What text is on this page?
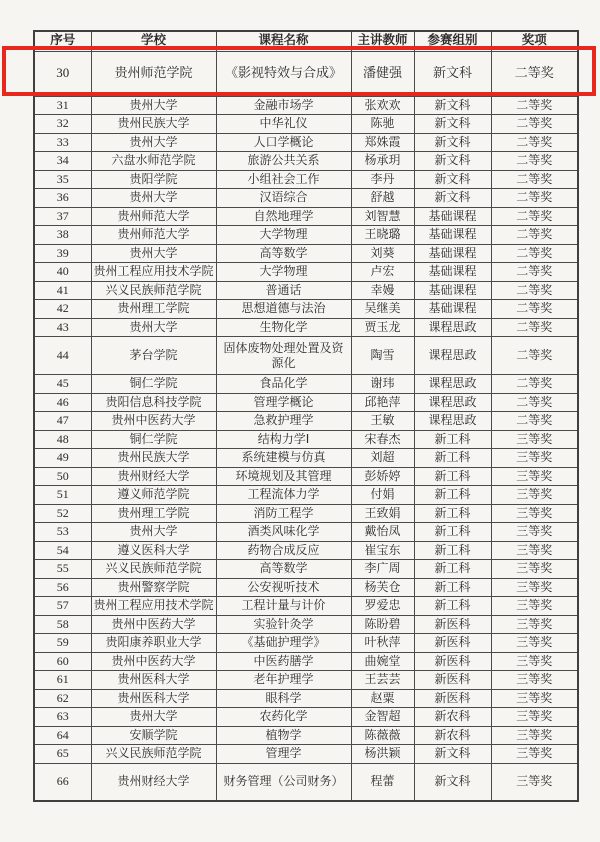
序号	学校	课程名称	主讲教师	参赛组别	奖项
30	贵州师范学院	《影视特效与合成》	潘健强	新文科	二等奖
31	贵州大学	金融市场学	张欢欢	新文科	二等奖
32	贵州民族大学	中华礼仪	陈驰	新文科	二等奖
33	贵州大学	人口学概论	郑姝霞	新文科	二等奖
34	六盘水师范学院	旅游公共关系	杨承玥	新文科	二等奖
35	贵阳学院	小组社会工作	李丹	新文科	二等奖
36	贵州大学	汉语综合	舒越	新文科	二等奖
37	贵州师范大学	自然地理学	刘智慧	基础课程	二等奖
38	贵州师范大学	大学物理	王晓璐	基础课程	二等奖
39	贵州大学	高等数学	刘葵	基础课程	二等奖
40	贵州工程应用技术学院	大学物理	卢宏	基础课程	二等奖
41	兴义民族师范学院	普通话	幸嫚	基础课程	二等奖
42	贵州理工学院	思想道德与法治	吴继美	基础课程	二等奖
43	贵州大学	生物化学	贾玉龙	课程思政	二等奖
44	茅台学院	固体废物处理处置及资源化	陶雪	课程思政	二等奖
45	铜仁学院	食品化学	谢玮	课程思政	二等奖
46	贵阳信息科技学院	管理学概论	邱艳萍	课程思政	二等奖
47	贵州中医药大学	急救护理学	王敏	课程思政	二等奖
48	铜仁学院	结构力学Ⅰ	宋春杰	新工科	三等奖
49	贵州民族大学	系统建模与仿真	刘超	新工科	三等奖
50	贵州财经大学	环境规划及其管理	彭娇婷	新工科	三等奖
51	遵义师范学院	工程流体力学	付娟	新工科	三等奖
52	贵州理工学院	消防工程学	王致娟	新工科	三等奖
53	贵州大学	酒类风味化学	戴怡凤	新工科	三等奖
54	遵义医科大学	药物合成反应	崔宝东	新工科	三等奖
55	兴义民族师范学院	高等数学	李广周	新工科	三等奖
56	贵州警察学院	公安视听技术	杨芙仓	新工科	三等奖
57	贵州工程应用技术学院	工程计量与计价	罗爱忠	新工科	三等奖
58	贵州中医药大学	实验针灸学	陈盼碧	新医科	三等奖
59	贵阳康养职业大学	《基础护理学》	叶秋萍	新医科	三等奖
60	贵州中医药大学	中医药膳学	曲婉堂	新医科	三等奖
61	贵州医科大学	老年护理学	王芸芸	新医科	三等奖
62	贵州医科大学	眼科学	赵粟	新医科	三等奖
63	贵州大学	农药化学	金智超	新农科	三等奖
64	安顺学院	植物学	陈薇薇	新农科	三等奖
65	兴义民族师范学院	管理学	杨洪颖	新文科	三等奖
66	贵州财经大学	财务管理（公司财务）	程蕾	新文科	三等奖
